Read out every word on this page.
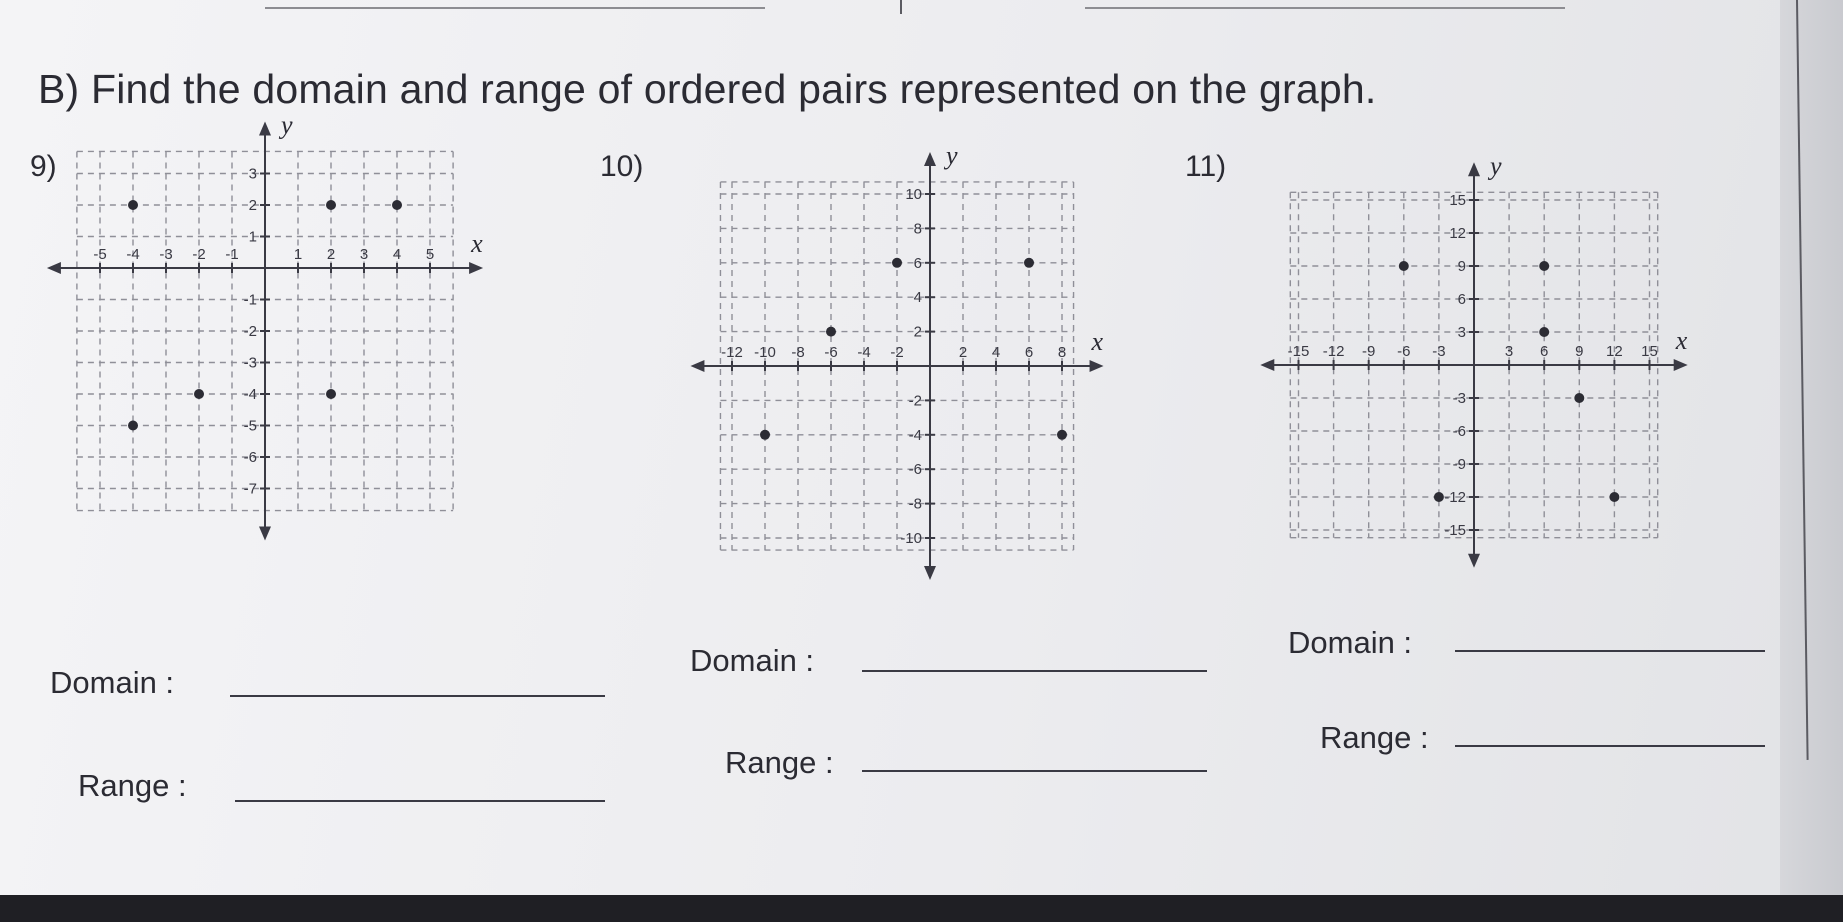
B) Find the domain and range of ordered pairs represented on the graph.
9)	10)	11)
x
y
-5 -4 -3 -2 -1	1 2 3 4 5
3
2
1
-1
-2
-3
-4
-5
-6
-7
x
y
-12 -10 -8 -6 -4 -2	2 4 6 8
10
8
6
4
2
-2
-4
-6
-8
-10
x
y
-15 -12 -9 -6 -3	3 6 9 12 15
15
12
9
6
3
-3
-6
-9
-12
-15
Domain :
Range :
Domain :
Range :
Domain :
Range :
